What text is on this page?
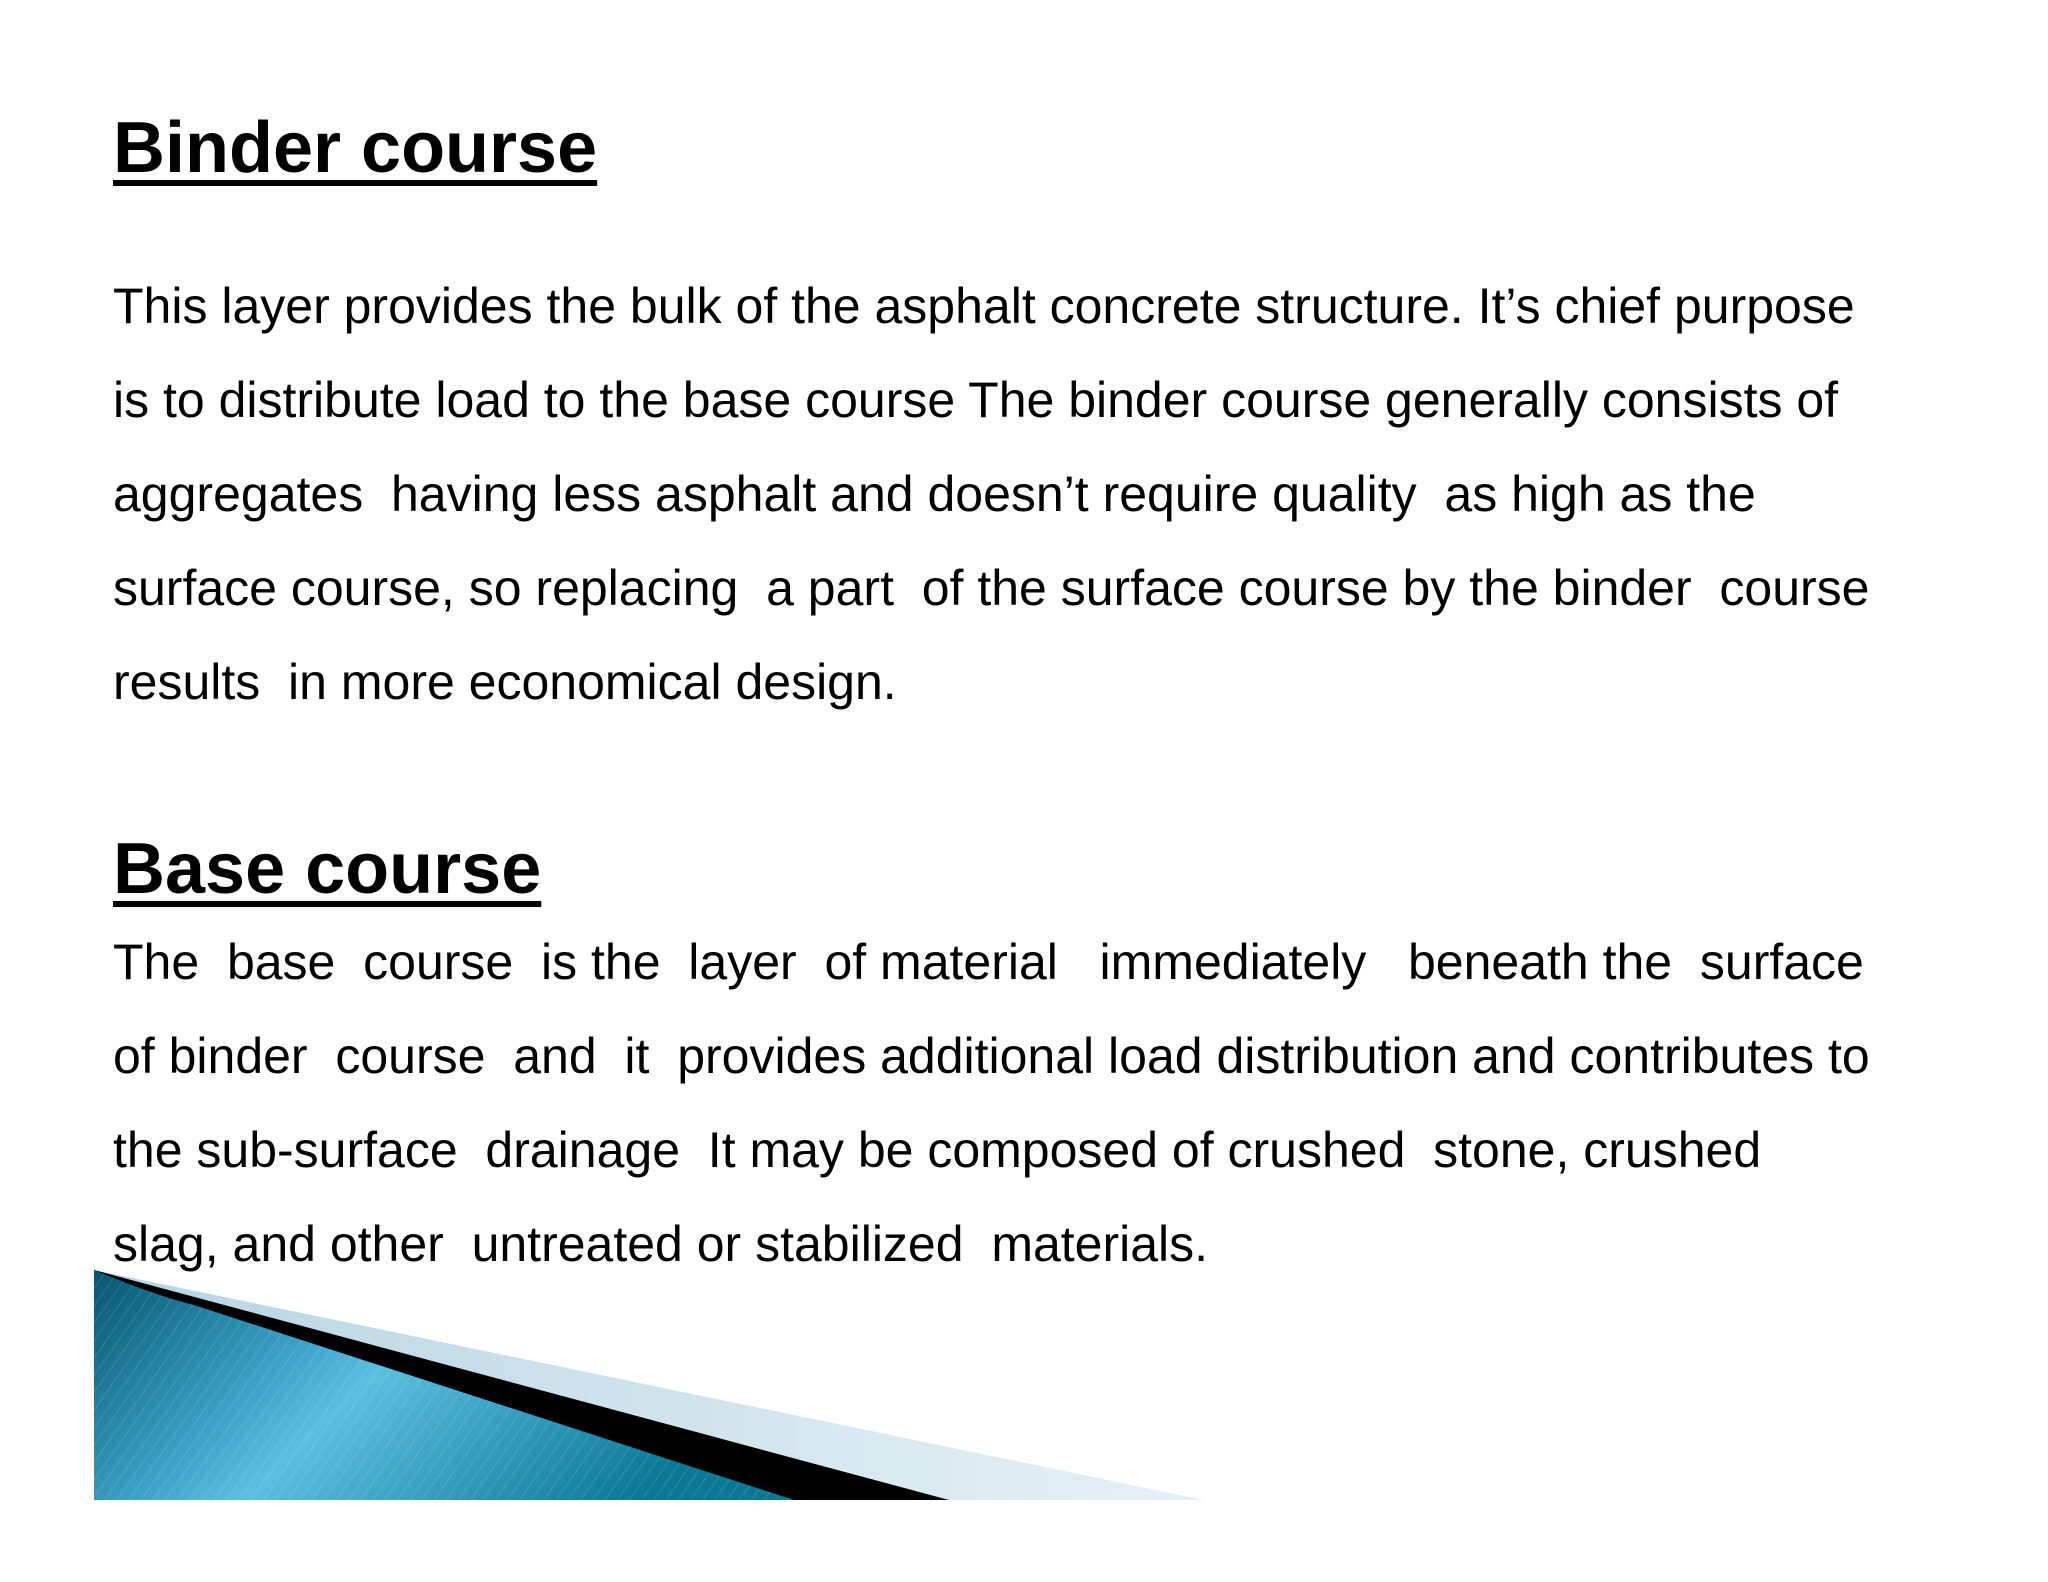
Binder course
This layer provides the bulk of the asphalt concrete structure. It’s chief purpose
is to distribute load to the base course The binder course generally consists of
aggregates  having less asphalt and doesn’t require quality  as high as the
surface course, so replacing  a part  of the surface course by the binder  course
results  in more economical design.
Base course
The  base  course  is the  layer  of material   immediately   beneath the  surface
of binder  course  and  it  provides additional load distribution and contributes to
the sub-surface  drainage  It may be composed of crushed  stone, crushed
slag, and other  untreated or stabilized  materials.
